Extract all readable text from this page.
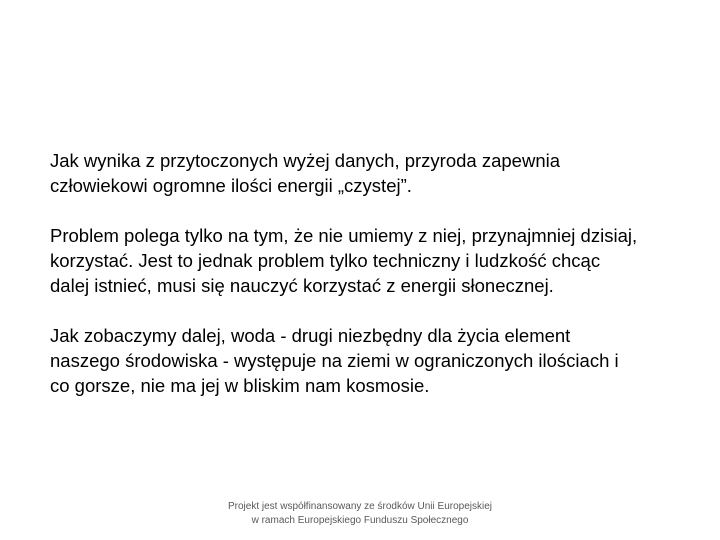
Jak wynika z przytoczonych wyżej danych, przyroda zapewnia
człowiekowi ogromne ilości energii „czystej”.

Problem polega tylko na tym, że nie umiemy z niej, przynajmniej dzisiaj,
korzystać. Jest to jednak problem tylko techniczny i ludzkość chcąc
dalej istnieć, musi się nauczyć korzystać z energii słonecznej.

Jak zobaczymy dalej, woda - drugi niezbędny dla życia element
naszego środowiska - występuje na ziemi w ograniczonych ilościach i
co gorsze, nie ma jej w bliskim nam kosmosie.

Projekt jest współfinansowany ze środków Unii Europejskiej
w ramach Europejskiego Funduszu Społecznego
